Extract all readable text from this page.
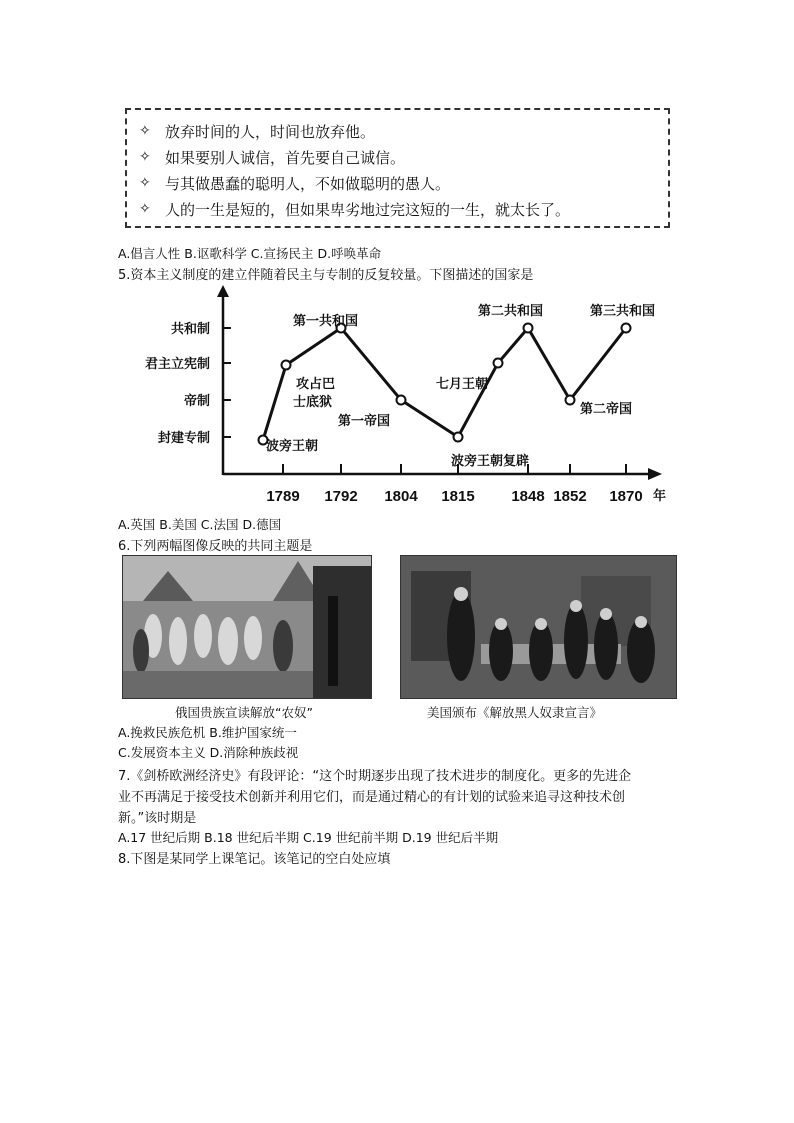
✧ 放弃时间的人，时间也放弃他。
✧ 如果要别人诚信，首先要自己诚信。
✧ 与其做愚蠢的聪明人，不如做聪明的愚人。
✧ 人的一生是短的，但如果卑劣地过完这短的一生，就太长了。
A.倡言人性 B.讴歌科学 C.宣扬民主 D.呼唤革命
5.资本主义制度的建立伴随着民主与专制的反复较量。下图描述的国家是
封建专制
帝制
君主立宪制
共和制
1789 1792 1804 1815 1848 1852 1870
波旁王朝
攻占巴
士底狱
第一共和国
第一帝国
波旁王朝复辟
七月王朝
第二共和国
第二帝国
第三共和国
年
A.英国 B.美国 C.法国 D.德国
6.下列两幅图像反映的共同主题是
俄国贵族宣读解放“农奴”	美国颁布《解放黑人奴隶宣言》
A.挽救民族危机 B.维护国家统一
C.发展资本主义 D.消除种族歧视
7.《剑桥欧洲经济史》有段评论：“这个时期逐步出现了技术进步的制度化。更多的先进企
业不再满足于接受技术创新并利用它们，而是通过精心的有计划的试验来追寻这种技术创
新。”该时期是
A.17 世纪后期 B.18 世纪后半期 C.19 世纪前半期 D.19 世纪后半期
8.下图是某同学上课笔记。该笔记的空白处应填
